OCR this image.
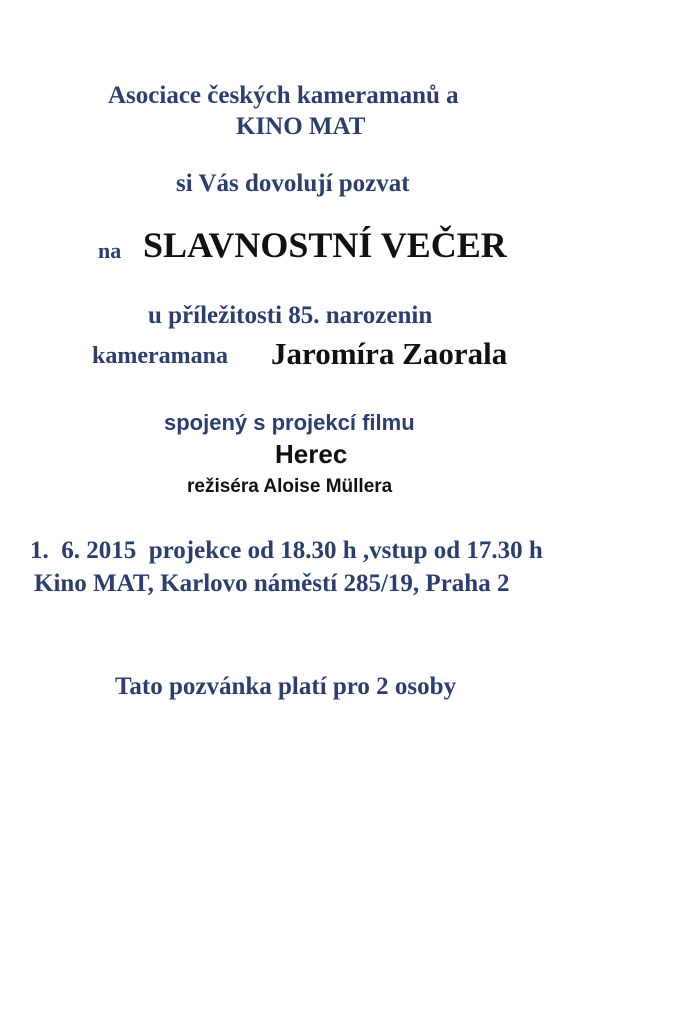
Asociace českých kameramanů a
KINO MAT
si Vás dovolují pozvat
na SLAVNOSTNÍ VEČER
u příležitosti 85. narozenin
kameramana Jaromíra Zaorala
spojený s projekcí filmu
Herec
režiséra Aloise Müllera
1.  6. 2015  projekce od 18.30 h ,vstup od 17.30 h
Kino MAT, Karlovo náměstí 285/19, Praha 2
Tato pozvánka platí pro 2 osoby
